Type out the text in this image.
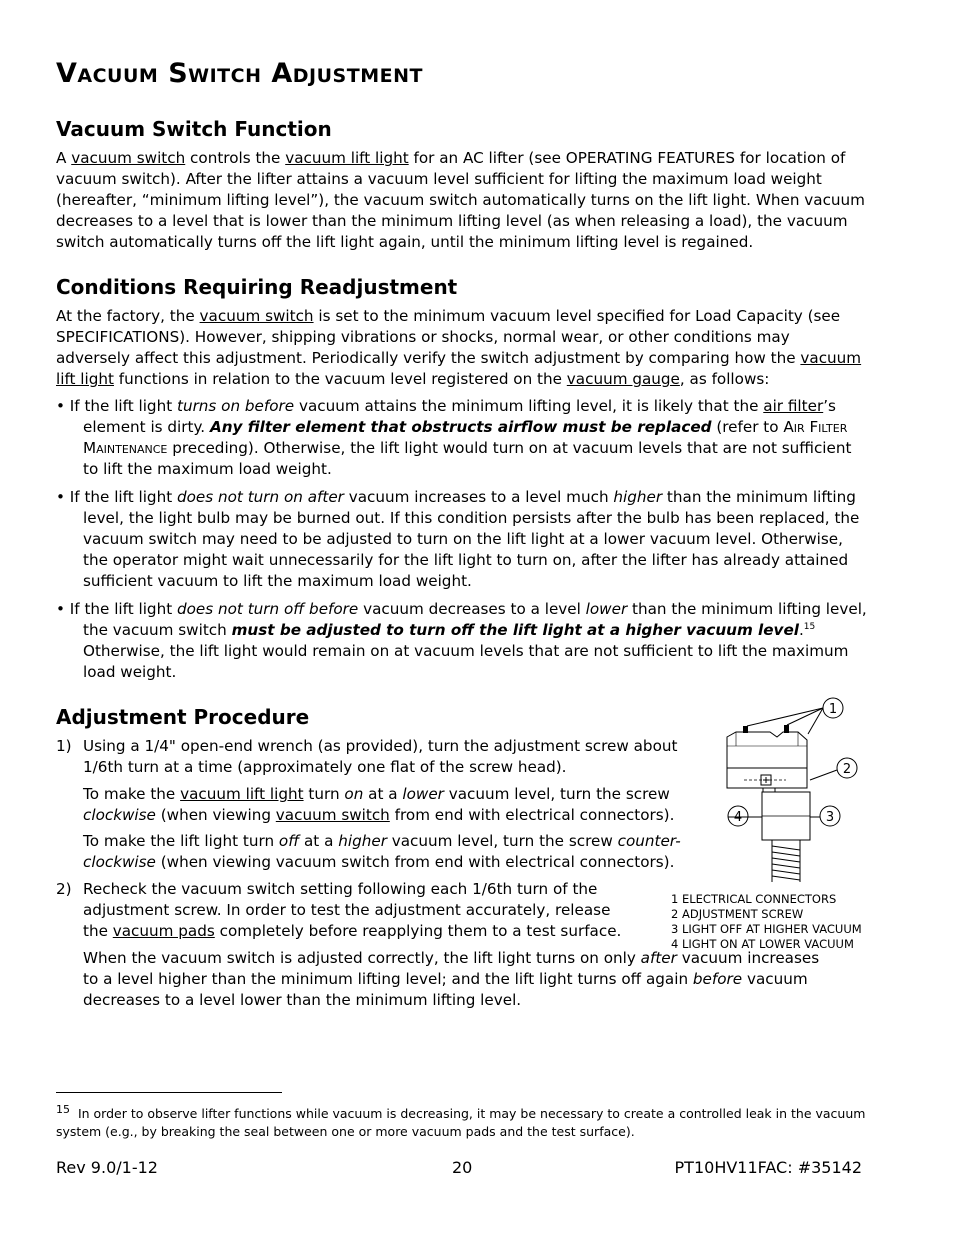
Vacuum Switch Adjustment
Vacuum Switch Function
A vacuum switch controls the vacuum lift light for an AC lifter (see OPERATING FEATURES for location of vacuum switch). After the lifter attains a vacuum level sufficient for lifting the maximum load weight (hereafter, “minimum lifting level”), the vacuum switch automatically turns on the lift light. When vacuum decreases to a level that is lower than the minimum lifting level (as when releasing a load), the vacuum switch automatically turns off the lift light again, until the minimum lifting level is regained.
Conditions Requiring Readjustment
At the factory, the vacuum switch is set to the minimum vacuum level specified for Load Capacity (see SPECIFICATIONS). However, shipping vibrations or shocks, normal wear, or other conditions may adversely affect this adjustment. Periodically verify the switch adjustment by comparing how the vacuum lift light functions in relation to the vacuum level registered on the vacuum gauge, as follows:
• If the lift light turns on before vacuum attains the minimum lifting level, it is likely that the air filter’s element is dirty. Any filter element that obstructs airflow must be replaced (refer to Air Filter Maintenance preceding). Otherwise, the lift light would turn on at vacuum levels that are not sufficient to lift the maximum load weight.
• If the lift light does not turn on after vacuum increases to a level much higher than the minimum lifting level, the light bulb may be burned out. If this condition persists after the bulb has been replaced, the vacuum switch may need to be adjusted to turn on the lift light at a lower vacuum level. Otherwise, the operator might wait unnecessarily for the lift light to turn on, after the lifter has already attained sufficient vacuum to lift the maximum load weight.
• If the lift light does not turn off before vacuum decreases to a level lower than the minimum lifting level, the vacuum switch must be adjusted to turn off the lift light at a higher vacuum level.$^{15}$ Otherwise, the lift light would remain on at vacuum levels that are not sufficient to lift the maximum load weight.
Adjustment Procedure
1) Using a 1/4" open-end wrench (as provided), turn the adjustment screw about 1/6th turn at a time (approximately one flat of the screw head).
To make the vacuum lift light turn on at a lower vacuum level, turn the screw clockwise (when viewing vacuum switch from end with electrical connectors).
To make the lift light turn off at a higher vacuum level, turn the screw counter-clockwise (when viewing vacuum switch from end with electrical connectors).
2) Recheck the vacuum switch setting following each 1/6th turn of the adjustment screw. In order to test the adjustment accurately, release the vacuum pads completely before reapplying them to a test surface.
When the vacuum switch is adjusted correctly, the lift light turns on only after vacuum increases to a level higher than the minimum lifting level; and the lift light turns off again before vacuum decreases to a level lower than the minimum lifting level.
1
2
3
4
1 ELECTRICAL CONNECTORS
2 ADJUSTMENT SCREW
3 LIGHT OFF AT HIGHER VACUUM
4 LIGHT ON AT LOWER VACUUM
$^{15}$ In order to observe lifter functions while vacuum is decreasing, it may be necessary to create a controlled leak in the vacuum system (e.g., by breaking the seal between one or more vacuum pads and the test surface).
Rev 9.0/1-12	20	PT10HV11FAC: #35142
